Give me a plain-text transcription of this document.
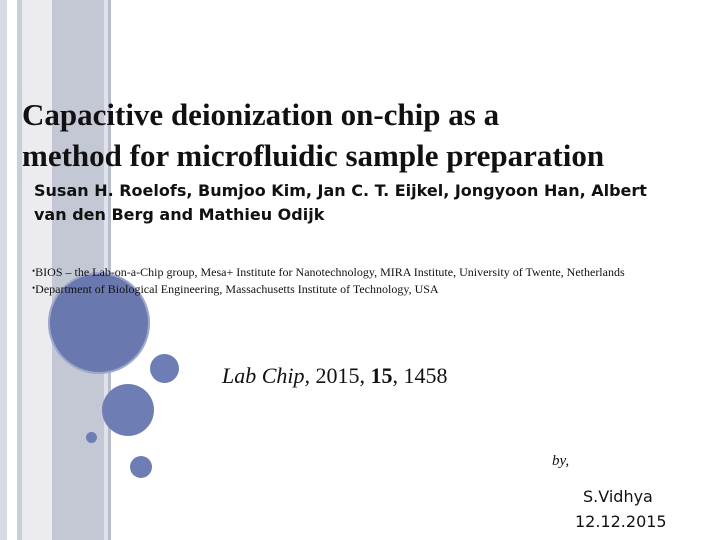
Capacitive deionization on-chip as a
method for microfluidic sample preparation

Susan H. Roelofs, Bumjoo Kim, Jan C. T. Eijkel, Jongyoon Han, Albert van den Berg and Mathieu Odijk

•BIOS – the Lab-on-a-Chip group, Mesa+ Institute for Nanotechnology, MIRA Institute, University of Twente, Netherlands
•Department of Biological Engineering, Massachusetts Institute of Technology, USA

Lab Chip, 2015, 15, 1458

by,

S.Vidhya

12.12.2015
